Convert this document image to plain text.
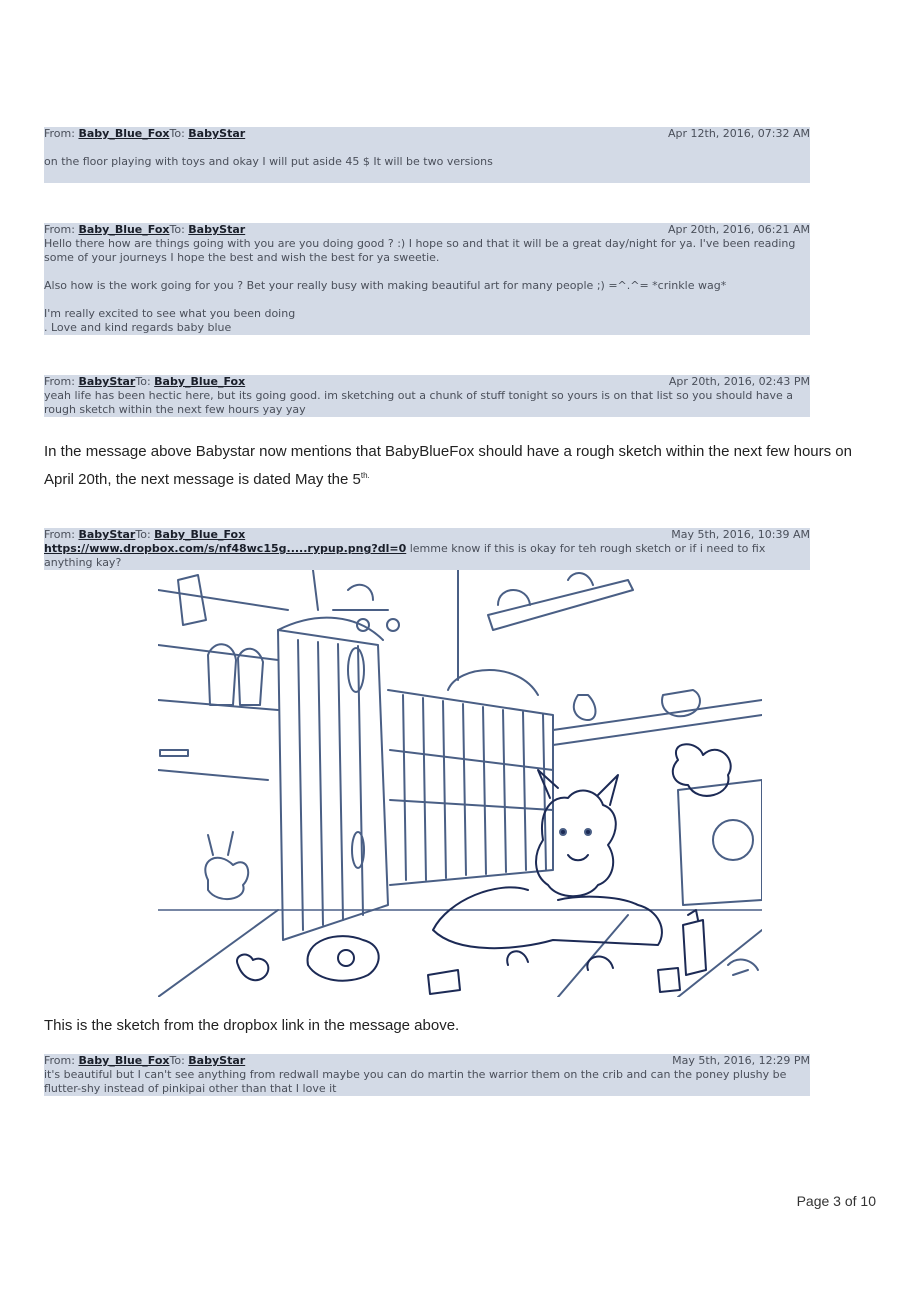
From: Baby_Blue_FoxTo: BabyStar	Apr 12th, 2016, 07:32 AM
on the floor playing with toys and okay I will put aside 45 $ It will be two versions
From: Baby_Blue_FoxTo: BabyStar	Apr 20th, 2016, 06:21 AM
Hello there how are things going with you are you doing good ? :) I hope so and that it will be a great day/night for ya. I've been reading some of your journeys I hope the best and wish the best for ya sweetie.

Also how is the work going for you ? Bet your really busy with making beautiful art for many people ;) =^.^= *crinkle wag*

I'm really excited to see what you been doing
. Love and kind regards baby blue
From: BabyStarTo: Baby_Blue_Fox	Apr 20th, 2016, 02:43 PM
yeah life has been hectic here, but its going good. im sketching out a chunk of stuff tonight so yours is on that list so you should have a rough sketch within the next few hours yay yay
In the message above Babystar now mentions that BabyBlueFox should have a rough sketch within the next few hours on April 20th, the next message is dated May the $5^{th.}$
From: BabyStarTo: Baby_Blue_Fox	May 5th, 2016, 10:39 AM
https://www.dropbox.com/s/nf48wc15g.....rypup.png?dl=0 lemme know if this is okay for teh rough sketch or if i need to fix anything kay?
This is the sketch from the dropbox link in the message above.
From: Baby_Blue_FoxTo: BabyStar	May 5th, 2016, 12:29 PM
it's beautiful but I can't see anything from redwall maybe you can do martin the warrior them on the crib and can the poney plushy be flutter-shy instead of pinkipai other than that I love it
Page 3 of 10
